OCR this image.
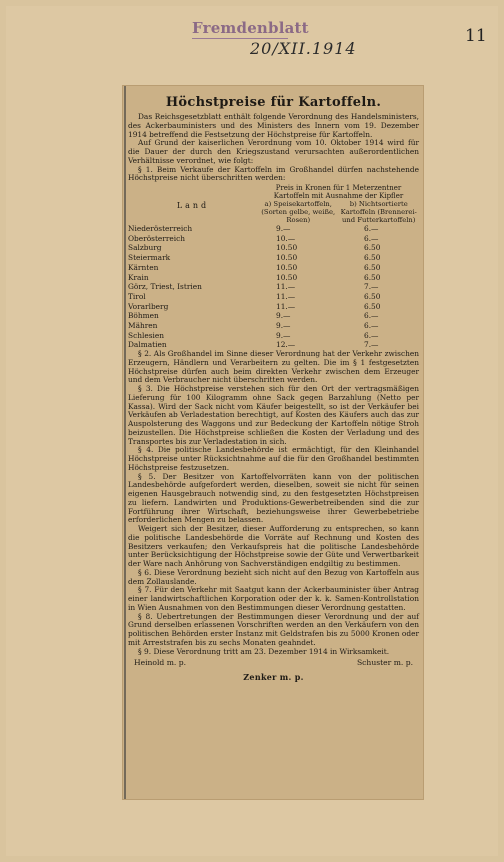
Fremdenblatt	11
20/XII.1914
Höchstpreise für Kartoffeln.

Das Reichsgesetzblatt enthält folgende Verordnung des Handelsministers, des Ackerbauministers und des Ministers des Innern vom 19. Dezember 1914 betreffend die Festsetzung der Höchstpreise für Kartoffeln.

Auf Grund der kaiserlichen Verordnung vom 10. Oktober 1914 wird für die Dauer der durch den Kriegszustand verursachten außerordentlichen Verhältnisse verordnet, wie folgt:

§ 1. Beim Verkaufe der Kartoffeln im Großhandel dürfen nachstehende Höchstpreise nicht überschritten werden:

Land
Preis in Kronen für 1 Meterzentner Kartoffeln mit Ausnahme der Kipfler
a) Speisekartoffeln, (Sorten gelbe, weiße, Rosen)
b) Nichtsortierte Kartoffeln (Brennerei- und Futterkartoffeln)
Niederösterreich	9.—	6.—
Oberösterreich	10.—	6.—
Salzburg	10.50	6.50
Steiermark	10.50	6.50
Kärnten	10.50	6.50
Krain	10.50	6.50
Görz, Triest, Istrien	11.—	7.—
Tirol	11.—	6.50
Vorarlberg	11.—	6.50
Böhmen	9.—	6.—
Mähren	9.—	6.—
Schlesien	9.—	6.—
Dalmatien	12.—	7.—

§ 2. Als Großhandel im Sinne dieser Verordnung hat der Verkehr zwischen Erzeugern, Händlern und Verarbeitern zu gelten. Die im § 1 festgesetzten Höchstpreise dürfen auch beim direkten Verkehr zwischen dem Erzeuger und dem Verbraucher nicht überschritten werden.

§ 3. Die Höchstpreise verstehen sich für den Ort der vertragsmäßigen Lieferung für 100 Kilogramm ohne Sack gegen Barzahlung (Netto per Kassa). Wird der Sack nicht vom Käufer beigestellt, so ist der Verkäufer bei Verkäufen ab Verladestation berechtigt, auf Kosten des Käufers auch das zur Auspolsterung des Waggons und zur Bedeckung der Kartoffeln nötige Stroh beizustellen. Die Höchstpreise schließen die Kosten der Verladung und des Transportes bis zur Verladestation in sich.

§ 4. Die politische Landesbehörde ist ermächtigt, für den Kleinhandel Höchstpreise unter Rücksichtnahme auf die für den Großhandel bestimmten Höchstpreise festzusetzen.

§ 5. Der Besitzer von Kartoffelvorräten kann von der politischen Landesbehörde aufgefordert werden, dieselben, soweit sie nicht für seinen eigenen Hausgebrauch notwendig sind, zu den festgesetzten Höchstpreisen zu liefern. Landwirten und Produktions-Gewerbetreibenden sind die zur Fortführung ihrer Wirtschaft, beziehungsweise ihrer Gewerbebetriebe erforderlichen Mengen zu belassen.

Weigert sich der Besitzer, dieser Aufforderung zu entsprechen, so kann die politische Landesbehörde die Vorräte auf Rechnung und Kosten des Besitzers verkaufen; den Verkaufspreis hat die politische Landesbehörde unter Berücksichtigung der Höchstpreise sowie der Güte und Verwertbarkeit der Ware nach Anhörung von Sachverständigen endgiltig zu bestimmen.

§ 6. Diese Verordnung bezieht sich nicht auf den Bezug von Kartoffeln aus dem Zollauslande.

§ 7. Für den Verkehr mit Saatgut kann der Ackerbauminister über Antrag einer landwirtschaftlichen Korporation oder der k. k. Samen-Kontrollstation in Wien Ausnahmen von den Bestimmungen dieser Verordnung gestatten.

§ 8. Uebertretungen der Bestimmungen dieser Verordnung und der auf Grund derselben erlassenen Vorschriften werden an den Verkäufern von den politischen Behörden erster Instanz mit Geldstrafen bis zu 5000 Kronen oder mit Arreststrafen bis zu sechs Monaten geahndet.

§ 9. Diese Verordnung tritt am 23. Dezember 1914 in Wirksamkeit.

Heinold m. p.	Schuster m. p.
Zenker m. p.
